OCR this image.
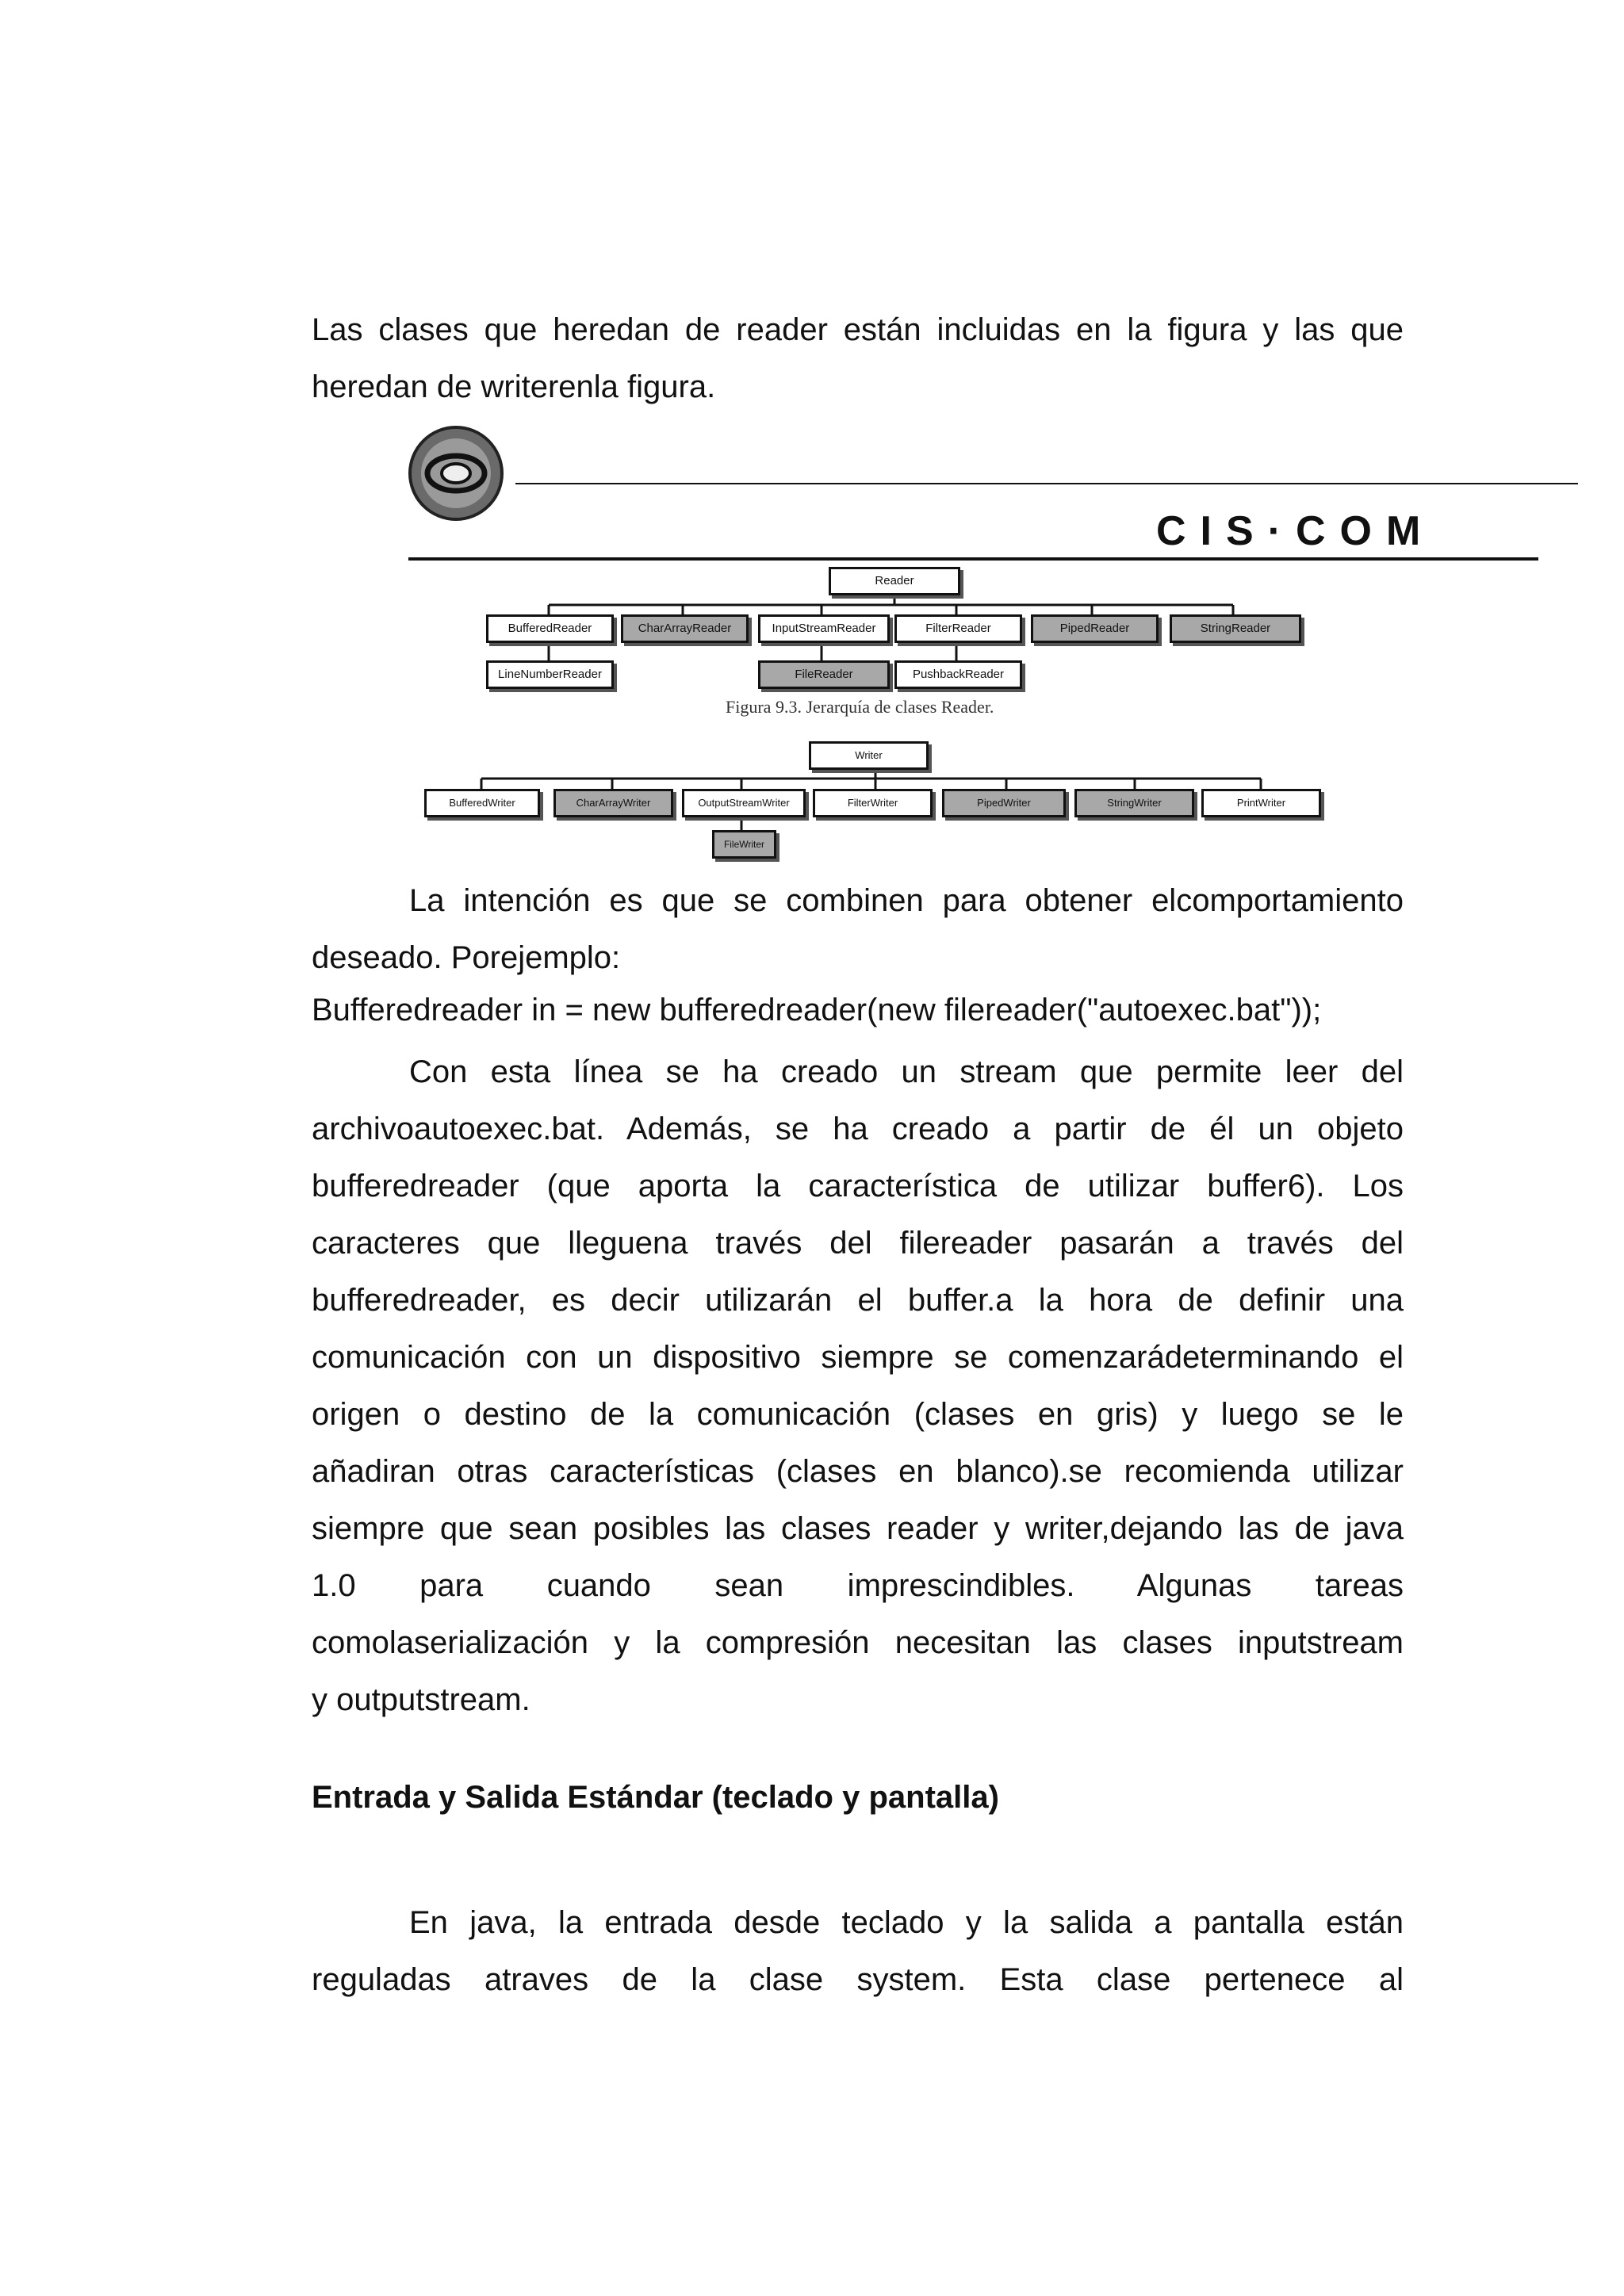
Las clases que heredan de reader están incluidas en la figura y las que
heredan de writerenla figura.
CIS·COM
Reader
BufferedReader	CharArrayReader	InputStreamReader	FilterReader	PipedReader	StringReader
LineNumberReader	FileReader	PushbackReader
Figura 9.3. Jerarquía de clases Reader.
Writer
BufferedWriter	CharArrayWriter	OutputStreamWriter	FilterWriter	PipedWriter	StringWriter	PrintWriter
FileWriter
La intención es que se combinen para obtener elcomportamiento
deseado. Porejemplo:
Bufferedreader in = new bufferedreader(new filereader("autoexec.bat"));
Con esta línea se ha creado un stream que permite leer del
archivoautoexec.bat. Además, se ha creado a partir de él un objeto
bufferedreader (que aporta la característica de utilizar buffer6). Los
caracteres que lleguena través del filereader pasarán a través del
bufferedreader, es decir utilizarán el buffer.a la hora de definir una
comunicación con un dispositivo siempre se comenzarádeterminando el
origen o destino de la comunicación (clases en gris) y luego se le
añadiran otras características (clases en blanco).se recomienda utilizar
siempre que sean posibles las clases reader y writer,dejando las de java
1.0 para cuando sean imprescindibles. Algunas tareas
comolaserialización y la compresión necesitan las clases inputstream
y outputstream.
Entrada y Salida Estándar (teclado y pantalla)
En java, la entrada desde teclado y la salida a pantalla están
reguladas atraves de la clase system. Esta clase pertenece al
